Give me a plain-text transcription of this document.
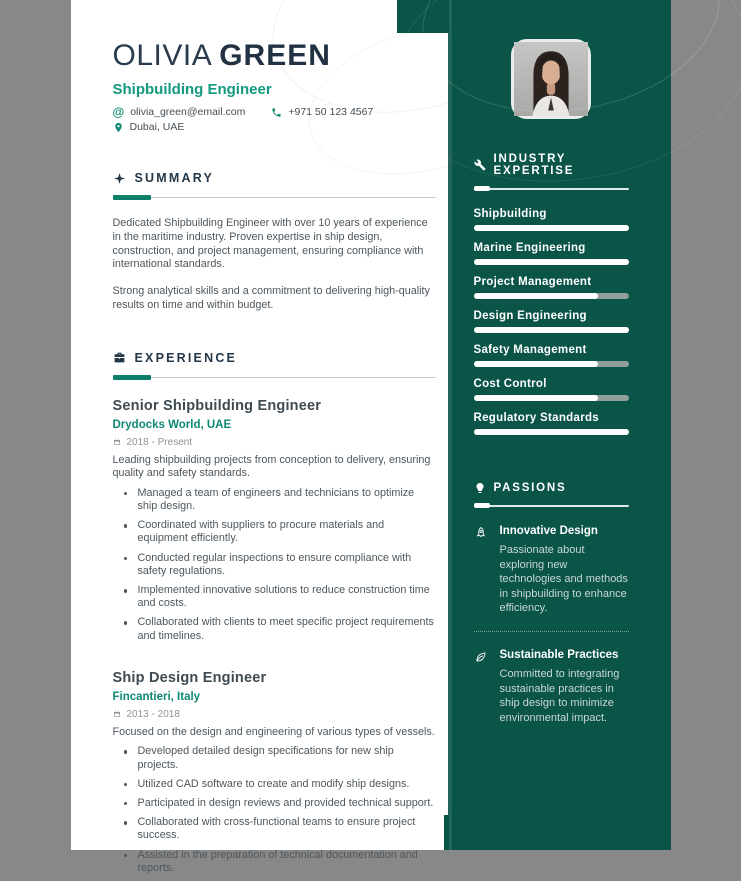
OLIVIA GREEN
Shipbuilding Engineer
@ olivia_green@email.com	+971 50 123 4567
Dubai, UAE
SUMMARY

Dedicated Shipbuilding Engineer with over 10 years of experience in the maritime industry. Proven expertise in ship design, construction, and project management, ensuring compliance with international standards.

Strong analytical skills and a commitment to delivering high-quality results on time and within budget.

EXPERIENCE
Senior Shipbuilding Engineer
Drydocks World, UAE
2018 - Present
Leading shipbuilding projects from conception to delivery, ensuring quality and safety standards.
Managed a team of engineers and technicians to optimize ship design.
Coordinated with suppliers to procure materials and equipment efficiently.
Conducted regular inspections to ensure compliance with safety regulations.
Implemented innovative solutions to reduce construction time and costs.
Collaborated with clients to meet specific project requirements and timelines.
Ship Design Engineer
Fincantieri, Italy
2013 - 2018
Focused on the design and engineering of various types of vessels.
Developed detailed design specifications for new ship projects.
Utilized CAD software to create and modify ship designs.
Participated in design reviews and provided technical support.
Collaborated with cross-functional teams to ensure project success.
Assisted in the preparation of technical documentation and reports.
INDUSTRY EXPERTISE
Shipbuilding
Marine Engineering
Project Management
Design Engineering
Safety Management
Cost Control
Regulatory Standards
PASSIONS
Innovative Design
Passionate about exploring new technologies and methods in shipbuilding to enhance efficiency.
Sustainable Practices
Committed to integrating sustainable practices in ship design to minimize environmental impact.
